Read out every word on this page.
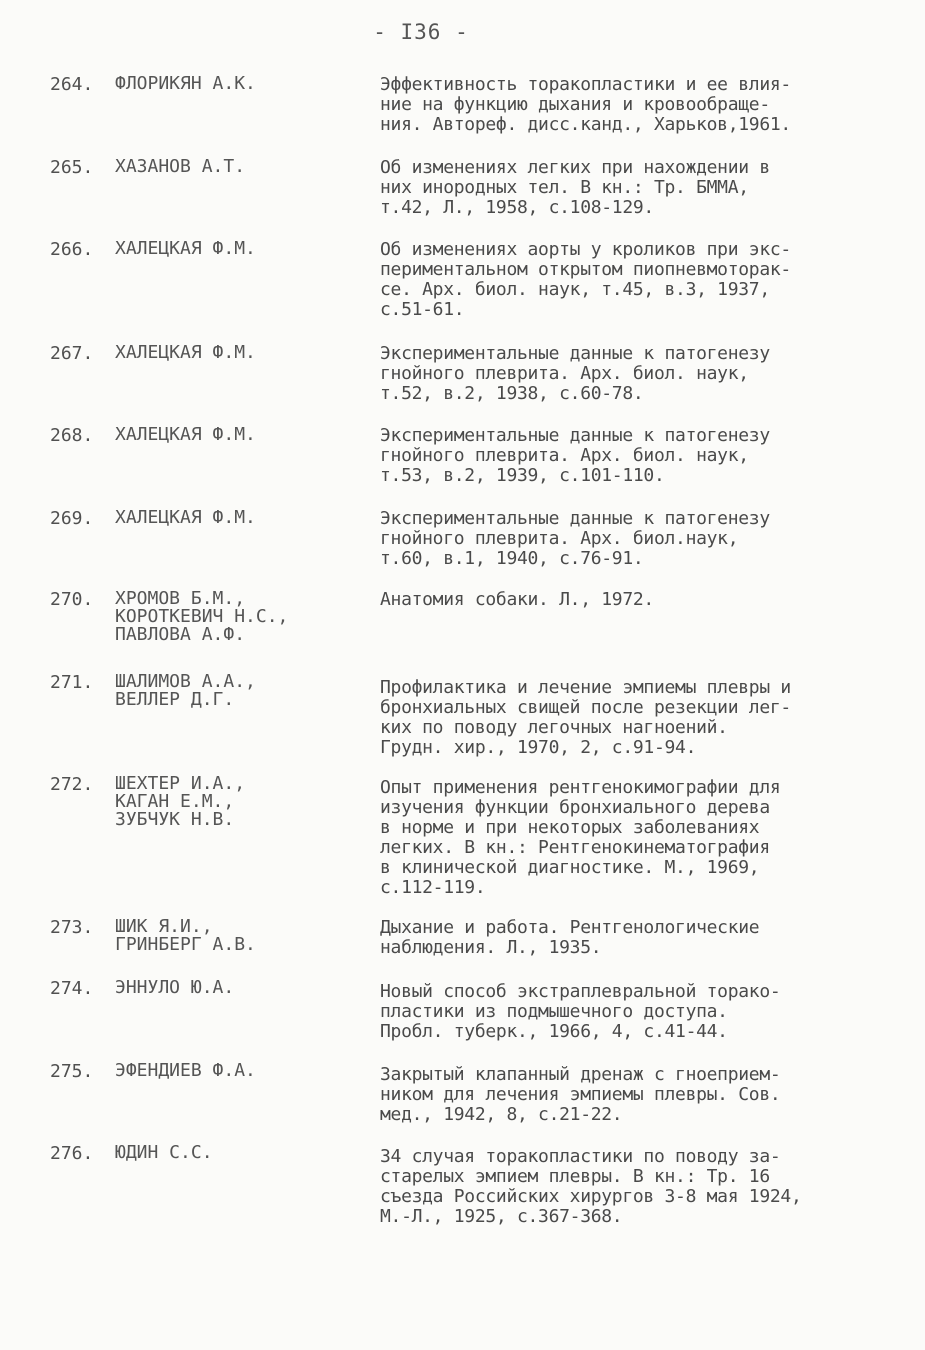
- I36 -
264.	ФЛОРИКЯН А.К.	Эффективность торакопластики и ее влия-
ние на функцию дыхания и кровообраще-
ния. Автореф. дисс.канд., Харьков,1961.
265.	ХАЗАНОВ А.Т.	Об изменениях легких при нахождении в
них инородных тел. В кн.: Тр. БММА,
т.42, Л., 1958, с.108-129.
266.	ХАЛЕЦКАЯ Ф.М.	Об изменениях аорты у кроликов при экс-
периментальном открытом пиопневмоторак-
се. Арх. биол. наук, т.45, в.3, 1937,
с.51-61.
267.	ХАЛЕЦКАЯ Ф.М.	Экспериментальные данные к патогенезу
гнойного плеврита. Арх. биол. наук,
т.52, в.2, 1938, с.60-78.
268.	ХАЛЕЦКАЯ Ф.М.	Экспериментальные данные к патогенезу
гнойного плеврита. Арх. биол. наук,
т.53, в.2, 1939, с.101-110.
269.	ХАЛЕЦКАЯ Ф.М.	Экспериментальные данные к патогенезу
гнойного плеврита. Арх. биол.наук,
т.60, в.1, 1940, с.76-91.
270.	ХРОМОВ Б.М.,
КОРОТКЕВИЧ Н.С.,
ПАВЛОВА А.Ф.
Анатомия собаки. Л., 1972.
271.	ШАЛИМОВ А.А.,
ВЕЛЛЕР Д.Г.
Профилактика и лечение эмпиемы плевры и
бронхиальных свищей после резекции лег-
ких по поводу легочных нагноений.
Грудн. хир., 1970, 2, с.91-94.
272.	ШЕХТЕР И.А.,
КАГАН Е.М.,
ЗУБЧУК Н.В.
Опыт применения рентгенокимографии для
изучения функции бронхиального дерева
в норме и при некоторых заболеваниях
легких. В кн.: Рентгенокинематография
в клинической диагностике. М., 1969,
с.112-119.
273.	ШИК Я.И.,
ГРИНБЕРГ А.В.
Дыхание и работа. Рентгенологические
наблюдения. Л., 1935.
274.	ЭННУЛО Ю.А.	Новый способ экстраплевральной торако-
пластики из подмышечного доступа.
Пробл. туберк., 1966, 4, с.41-44.
275.	ЭФЕНДИЕВ Ф.А.	Закрытый клапанный дренаж с гноеприем-
ником для лечения эмпиемы плевры. Сов.
мед., 1942, 8, с.21-22.
276.	ЮДИН С.С.	34 случая торакопластики по поводу за-
старелых эмпием плевры. В кн.: Тр. 16
съезда Российских хирургов 3-8 мая 1924,
М.-Л., 1925, с.367-368.
